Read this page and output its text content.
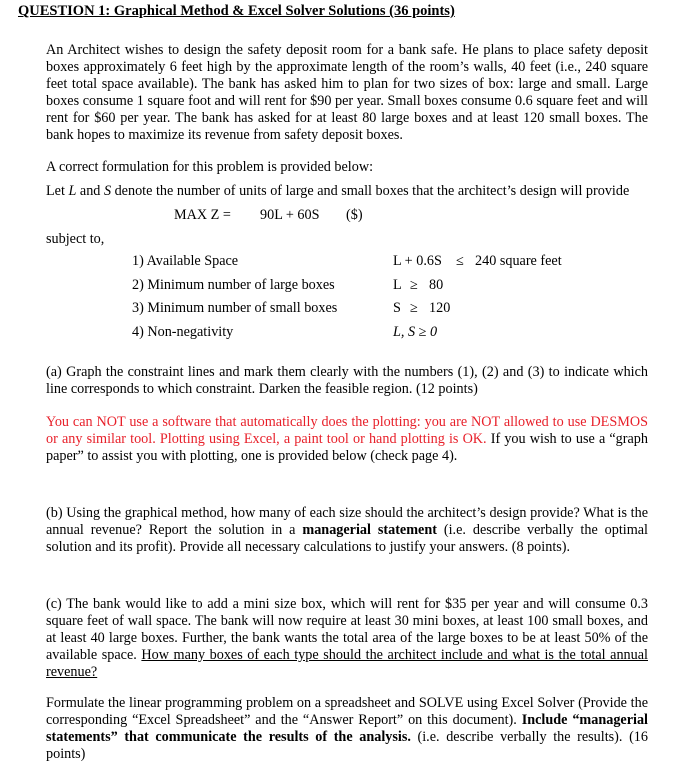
QUESTION 1: Graphical Method & Excel Solver Solutions (36 points)
An Architect wishes to design the safety deposit room for a bank safe. He plans to place safety deposit boxes approximately 6 feet high by the approximate length of the room’s walls, 40 feet (i.e., 240 square feet total space available). The bank has asked him to plan for two sizes of box: large and small. Large boxes consume 1 square foot and will rent for $90 per year. Small boxes consume 0.6 square feet and will rent for $60 per year. The bank has asked for at least 80 large boxes and at least 120 small boxes. The bank hopes to maximize its revenue from safety deposit boxes.
A correct formulation for this problem is provided below:
Let L and S denote the number of units of large and small boxes that the architect’s design will provide
MAX Z = 90L + 60S ($)
subject to,
1) Available Space	L + 0.6S ≤ 240 square feet
2) Minimum number of large boxes	L ≥ 80
3) Minimum number of small boxes	S ≥ 120
4) Non-negativity	L, S ≥ 0
(a) Graph the constraint lines and mark them clearly with the numbers (1), (2) and (3) to indicate which line corresponds to which constraint. Darken the feasible region. (12 points)
You can NOT use a software that automatically does the plotting: you are NOT allowed to use DESMOS or any similar tool. Plotting using Excel, a paint tool or hand plotting is OK. If you wish to use a “graph paper” to assist you with plotting, one is provided below (check page 4).
(b) Using the graphical method, how many of each size should the architect’s design provide? What is the annual revenue? Report the solution in a managerial statement (i.e. describe verbally the optimal solution and its profit). Provide all necessary calculations to justify your answers. (8 points).
(c) The bank would like to add a mini size box, which will rent for $35 per year and will consume 0.3 square feet of wall space. The bank will now require at least 30 mini boxes, at least 100 small boxes, and at least 40 large boxes. Further, the bank wants the total area of the large boxes to be at least 50% of the available space. How many boxes of each type should the architect include and what is the total annual revenue?
Formulate the linear programming problem on a spreadsheet and SOLVE using Excel Solver (Provide the corresponding “Excel Spreadsheet” and the “Answer Report” on this document). Include “managerial statements” that communicate the results of the analysis. (i.e. describe verbally the results). (16 points)
